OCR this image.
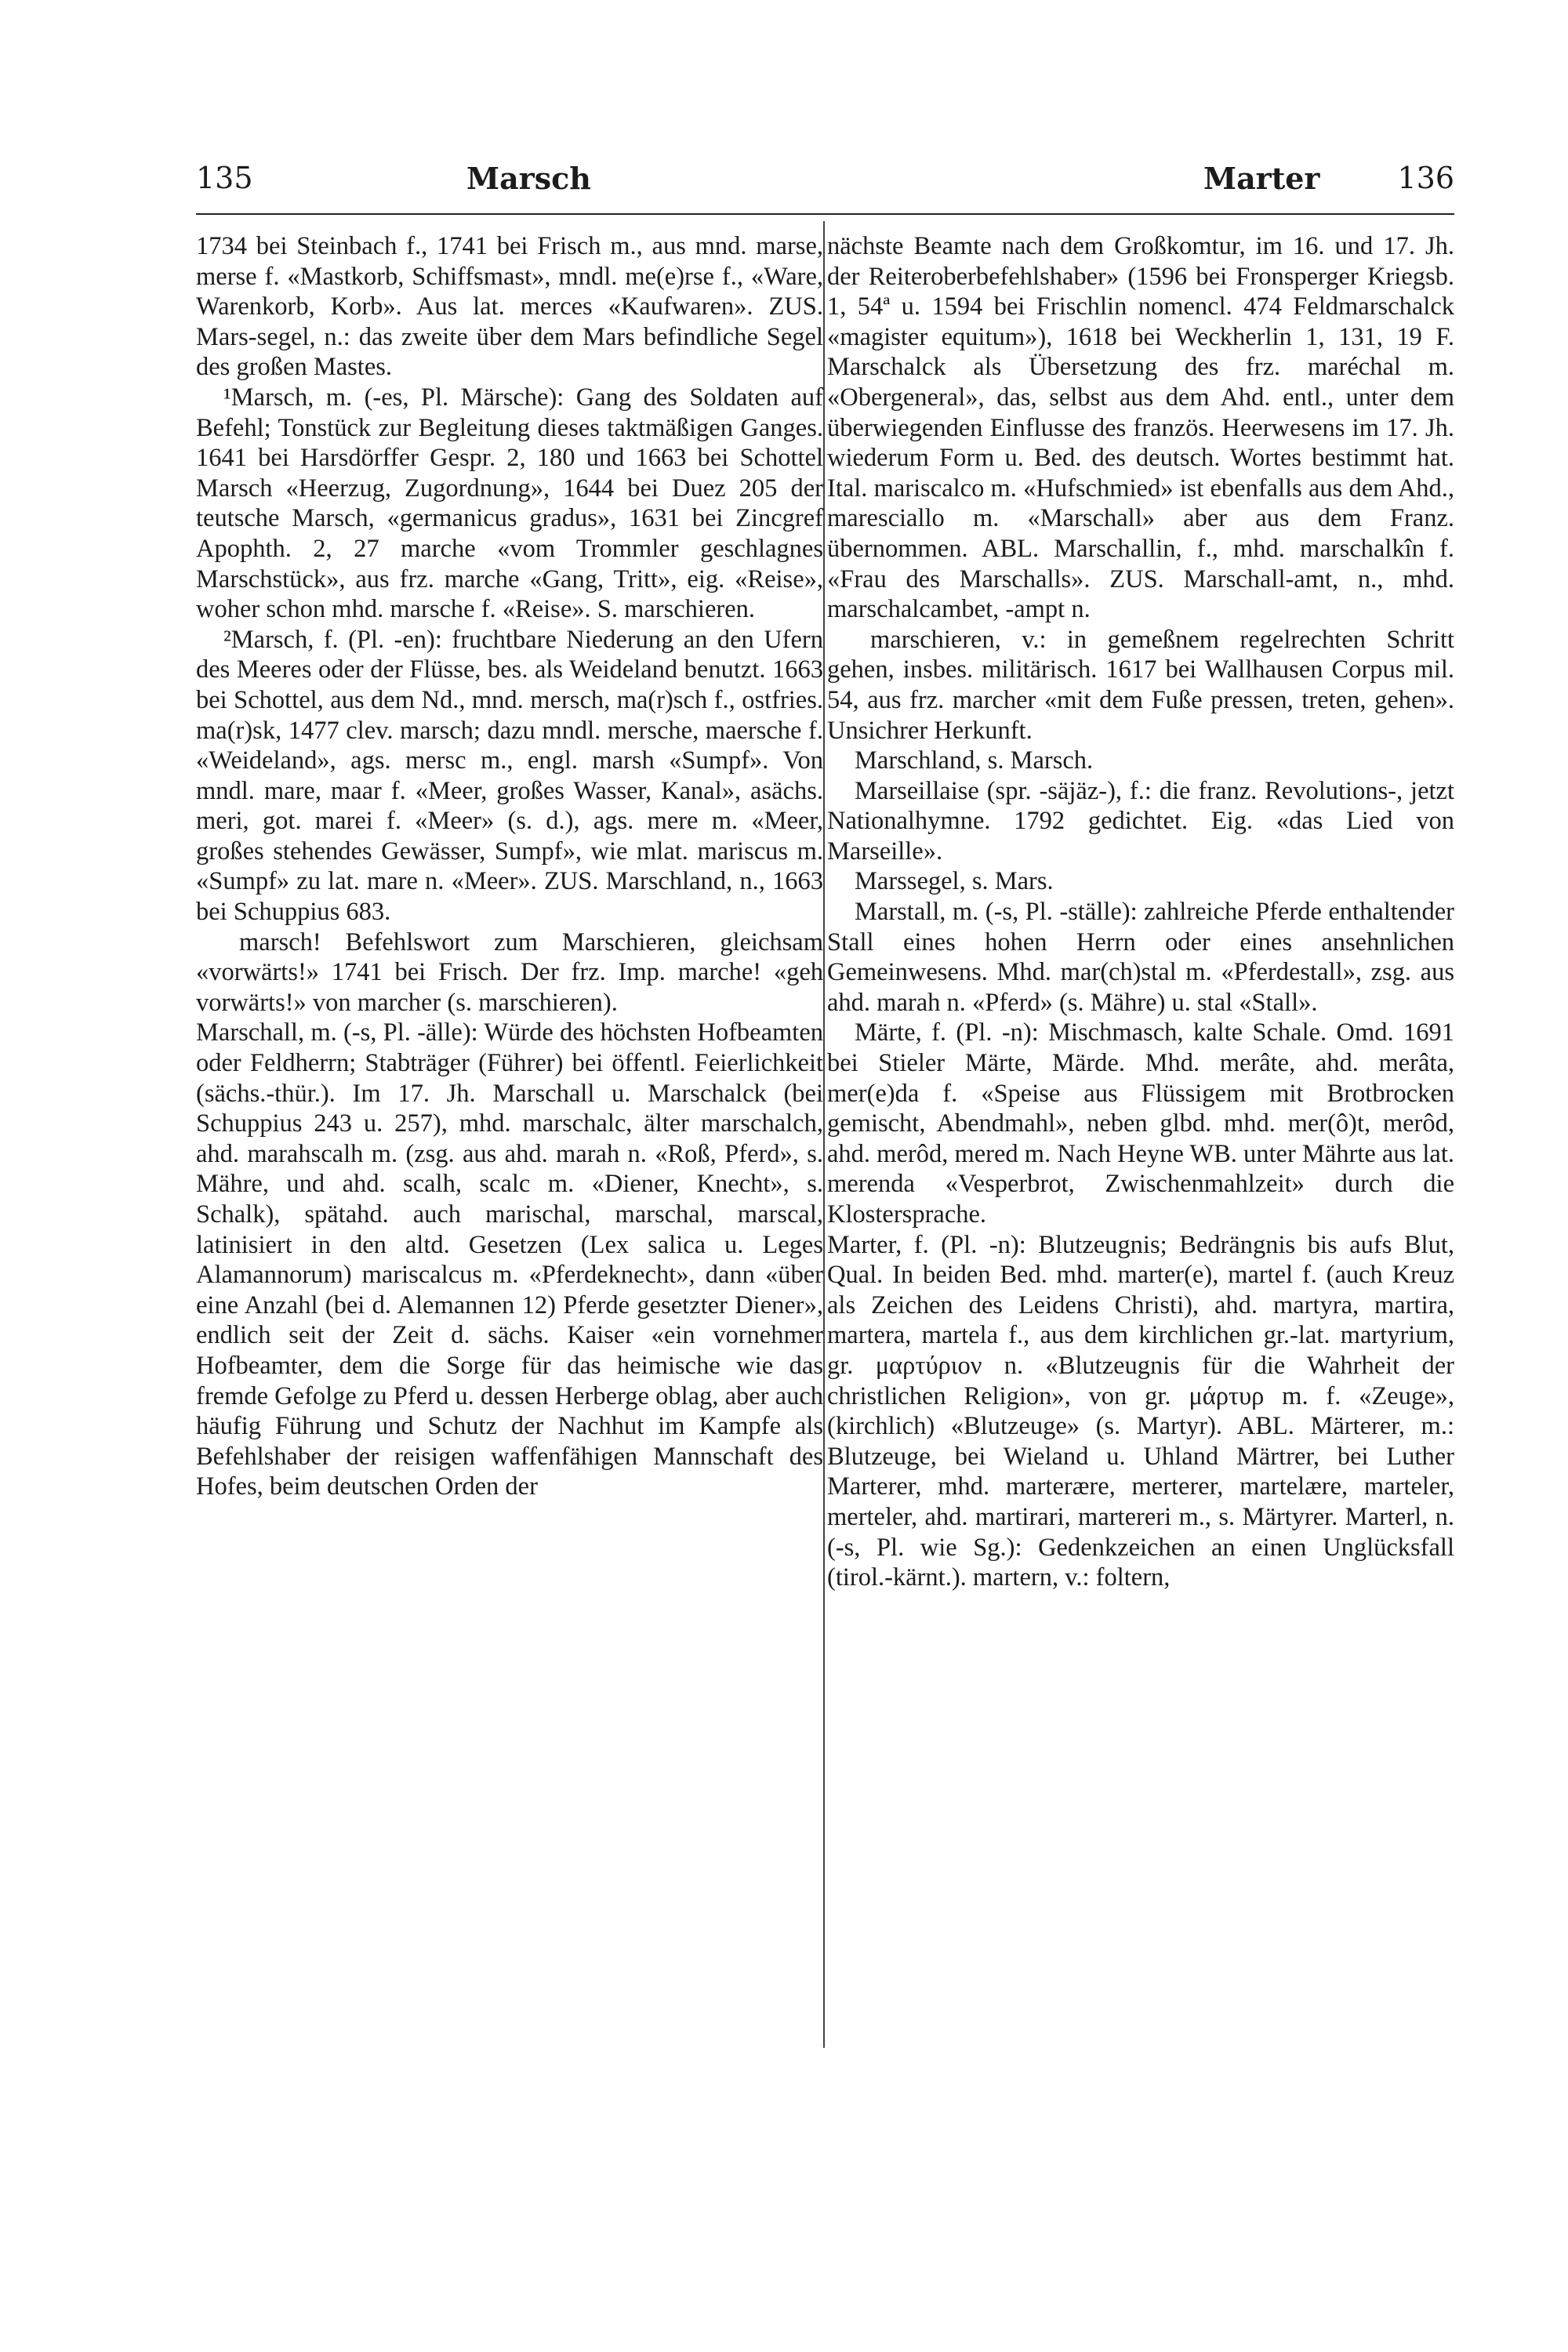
135	Marsch	Marter	136

1734 bei Steinbach f., 1741 bei Frisch m., aus mnd. marse, merse f. «Mastkorb, Schiffsmast», mndl. me(e)rse f., «Ware, Warenkorb, Korb». Aus lat. merces «Kaufwaren». ZUS. Mars-segel, n.: das zweite über dem Mars befindliche Segel des großen Mastes.

¹Marsch, m. (-es, Pl. Märsche): Gang des Soldaten auf Befehl; Tonstück zur Begleitung dieses taktmäßigen Ganges. 1641 bei Harsdörffer Gespr. 2, 180 und 1663 bei Schottel Marsch «Heerzug, Zugordnung», 1644 bei Duez 205 der teutsche Marsch, «germanicus gradus», 1631 bei Zincgref Apophth. 2, 27 marche «vom Trommler geschlagnes Marschstück», aus frz. marche «Gang, Tritt», eig. «Reise», woher schon mhd. marsche f. «Reise». S. marschieren.

²Marsch, f. (Pl. -en): fruchtbare Niederung an den Ufern des Meeres oder der Flüsse, bes. als Weideland benutzt. 1663 bei Schottel, aus dem Nd., mnd. mersch, ma(r)sch f., ostfries. ma(r)sk, 1477 clev. marsch; dazu mndl. mersche, maersche f. «Weideland», ags. mersc m., engl. marsh «Sumpf». Von mndl. mare, maar f. «Meer, großes Wasser, Kanal», asächs. meri, got. marei f. «Meer» (s. d.), ags. mere m. «Meer, großes stehendes Gewässer, Sumpf», wie mlat. mariscus m. «Sumpf» zu lat. mare n. «Meer». ZUS. Marschland, n., 1663 bei Schuppius 683.

marsch! Befehlswort zum Marschieren, gleichsam «vorwärts!» 1741 bei Frisch. Der frz. Imp. marche! «geh vorwärts!» von marcher (s. marschieren).

Marschall, m. (-s, Pl. -älle): Würde des höchsten Hofbeamten oder Feldherrn; Stabträger (Führer) bei öffentl. Feierlichkeit (sächs.-thür.). Im 17. Jh. Marschall u. Marschalck (bei Schuppius 243 u. 257), mhd. marschalc, älter marschalch, ahd. marahscalh m. (zsg. aus ahd. marah n. «Roß, Pferd», s. Mähre, und ahd. scalh, scalc m. «Diener, Knecht», s. Schalk), spätahd. auch marischal, marschal, marscal, latinisiert in den altd. Gesetzen (Lex salica u. Leges Alamannorum) mariscalcus m. «Pferdeknecht», dann «über eine Anzahl (bei d. Alemannen 12) Pferde gesetzter Diener», endlich seit der Zeit d. sächs. Kaiser «ein vornehmer Hofbeamter, dem die Sorge für das heimische wie das fremde Gefolge zu Pferd u. dessen Herberge oblag, aber auch häufig Führung und Schutz der Nachhut im Kampfe als Befehlshaber der reisigen waffenfähigen Mannschaft des Hofes, beim deutschen Orden der

nächste Beamte nach dem Großkomtur, im 16. und 17. Jh. der Reiteroberbefehlshaber» (1596 bei Fronsperger Kriegsb. 1, 54ª u. 1594 bei Frischlin nomencl. 474 Feldmarschalck «magister equitum»), 1618 bei Weckherlin 1, 131, 19 F. Marschalck als Übersetzung des frz. maréchal m. «Obergeneral», das, selbst aus dem Ahd. entl., unter dem überwiegenden Einflusse des französ. Heerwesens im 17. Jh. wiederum Form u. Bed. des deutsch. Wortes bestimmt hat. Ital. mariscalco m. «Hufschmied» ist ebenfalls aus dem Ahd., maresciallo m. «Marschall» aber aus dem Franz. übernommen. ABL. Marschallin, f., mhd. marschalkîn f. «Frau des Marschalls». ZUS. Marschall-amt, n., mhd. marschalcambet, -ampt n.

marschieren, v.: in gemeßnem regelrechten Schritt gehen, insbes. militärisch. 1617 bei Wallhausen Corpus mil. 54, aus frz. marcher «mit dem Fuße pressen, treten, gehen». Unsichrer Herkunft.

Marschland, s. Marsch.

Marseillaise (spr. -säjäz-), f.: die franz. Revolutions-, jetzt Nationalhymne. 1792 gedichtet. Eig. «das Lied von Marseille».

Marssegel, s. Mars.

Marstall, m. (-s, Pl. -ställe): zahlreiche Pferde enthaltender Stall eines hohen Herrn oder eines ansehnlichen Gemeinwesens. Mhd. mar(ch)stal m. «Pferdestall», zsg. aus ahd. marah n. «Pferd» (s. Mähre) u. stal «Stall».

Märte, f. (Pl. -n): Mischmasch, kalte Schale. Omd. 1691 bei Stieler Märte, Märde. Mhd. merâte, ahd. merâta, mer(e)da f. «Speise aus Flüssigem mit Brotbrocken gemischt, Abendmahl», neben glbd. mhd. mer(ô)t, merôd, ahd. merôd, mered m. Nach Heyne WB. unter Mährte aus lat. merenda «Vesperbrot, Zwischenmahlzeit» durch die Klostersprache.

Marter, f. (Pl. -n): Blutzeugnis; Bedrängnis bis aufs Blut, Qual. In beiden Bed. mhd. marter(e), martel f. (auch Kreuz als Zeichen des Leidens Christi), ahd. martyra, martira, martera, martela f., aus dem kirchlichen gr.-lat. martyrium, gr. μαρτύριον n. «Blutzeugnis für die Wahrheit der christlichen Religion», von gr. μάρτυρ m. f. «Zeuge», (kirchlich) «Blutzeuge» (s. Martyr). ABL. Märterer, m.: Blutzeuge, bei Wieland u. Uhland Märtrer, bei Luther Marterer, mhd. marterære, merterer, martelære, marteler, merteler, ahd. martirari, martereri m., s. Märtyrer. Marterl, n. (-s, Pl. wie Sg.): Gedenkzeichen an einen Unglücksfall (tirol.-kärnt.). martern, v.: foltern,
